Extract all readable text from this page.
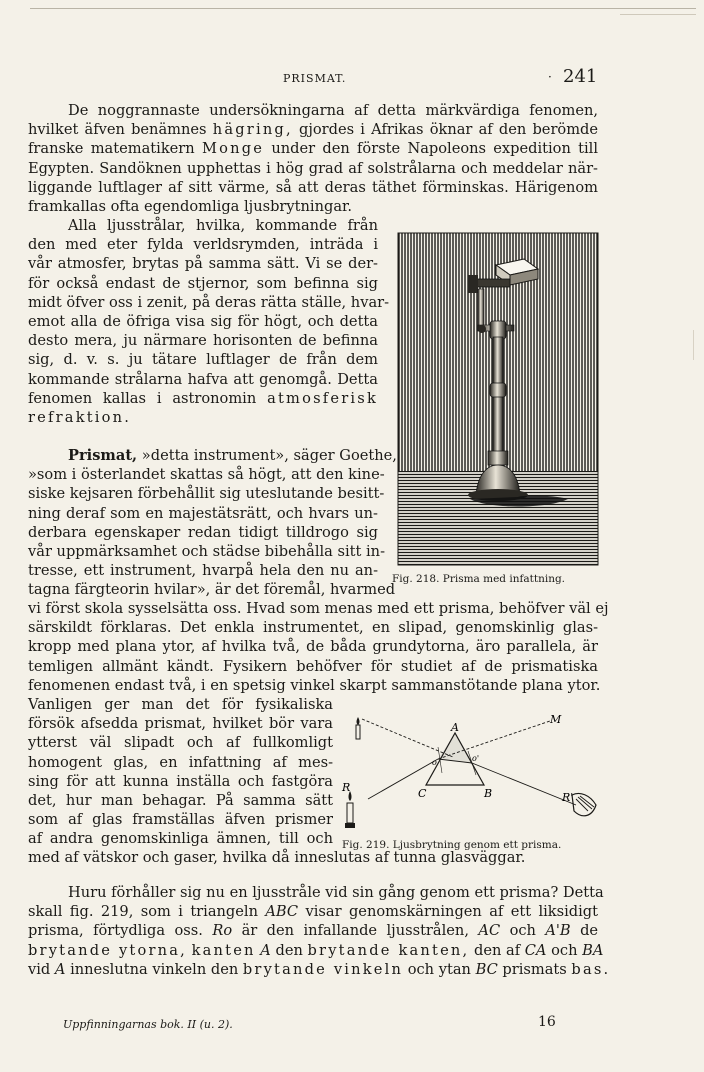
PRISMAT.	· 241
De noggrannaste undersökningarna af detta märkvärdiga fenomen,
hvilket äfven benämnes hägring, gjordes i Afrikas öknar af den berömde
franske matematikern Monge under den förste Napoleons expedition till
Egypten. Sandöknen upphettas i hög grad af solstrålarna och meddelar när-
liggande luftlager af sitt värme, så att deras täthet förminskas. Härigenom
framkallas ofta egendomliga ljusbrytningar.
Alla ljusstrålar, hvilka, kommande från
den med eter fylda verldsrymden, inträda i
vår atmosfer, brytas på samma sätt. Vi se der-
för också endast de stjernor, som befinna sig
midt öfver oss i zenit, på deras rätta ställe, hvar-
emot alla de öfriga visa sig för högt, och detta
desto mera, ju närmare horisonten de befinna
sig, d. v. s. ju tätare luftlager de från dem
kommande strålarna hafva att genomgå. Detta
fenomen kallas i astronomin atmosferisk
refraktion.
Prismat, »detta instrument», säger Goethe,
»som i österlandet skattas så högt, att den kine-
siske kejsaren förbehållit sig uteslutande besitt-
ning deraf som en majestätsrätt, och hvars un-
derbara egenskaper redan tidigt tilldrogo sig
vår uppmärksamhet och städse bibehålla sitt in-
tresse, ett instrument, hvarpå hela den nu an-
tagna färgteorin hvilar», är det föremål, hvarmed
vi först skola sysselsätta oss. Hvad som menas med ett prisma, behöfver väl ej
särskildt förklaras. Det enkla instrumentet, en slipad, genomskinlig glas-
kropp med plana ytor, af hvilka två, de båda grundytorna, äro parallela, är
temligen allmänt kändt. Fysikern behöfver för studiet af de prismatiska
fenomenen endast två, i en spetsig vinkel skarpt sammanstötande plana ytor.
Vanligen ger man det för fysikaliska
försök afsedda prismat, hvilket bör vara
ytterst väl slipadt och af fullkomligt
homogent glas, en infattning af mes-
sing för att kunna inställa och fastgöra
det, hur man behagar. På samma sätt
som af glas framställas äfven prismer
af andra genomskinliga ämnen, till och
med af vätskor och gaser, hvilka då inneslutas af tunna glasväggar.
Huru förhåller sig nu en ljusstråle vid sin gång genom ett prisma? Detta
skall fig. 219, som i triangeln ABC visar genomskärningen af ett liksidigt
prisma, förtydliga oss. Ro är den infallande ljusstrålen, AC och A'B de
brytande ytorna, kanten A den brytande kanten, den af CA och BA
vid A inneslutna vinkeln den brytande vinkeln och ytan BC prismats bas.
Fig. 218. Prisma med infattning.
A
C	B
M
R
R'
o	o'
Fig. 219. Ljusbrytning genom ett prisma.
Uppfinningarnas bok. II (u. 2).	16
